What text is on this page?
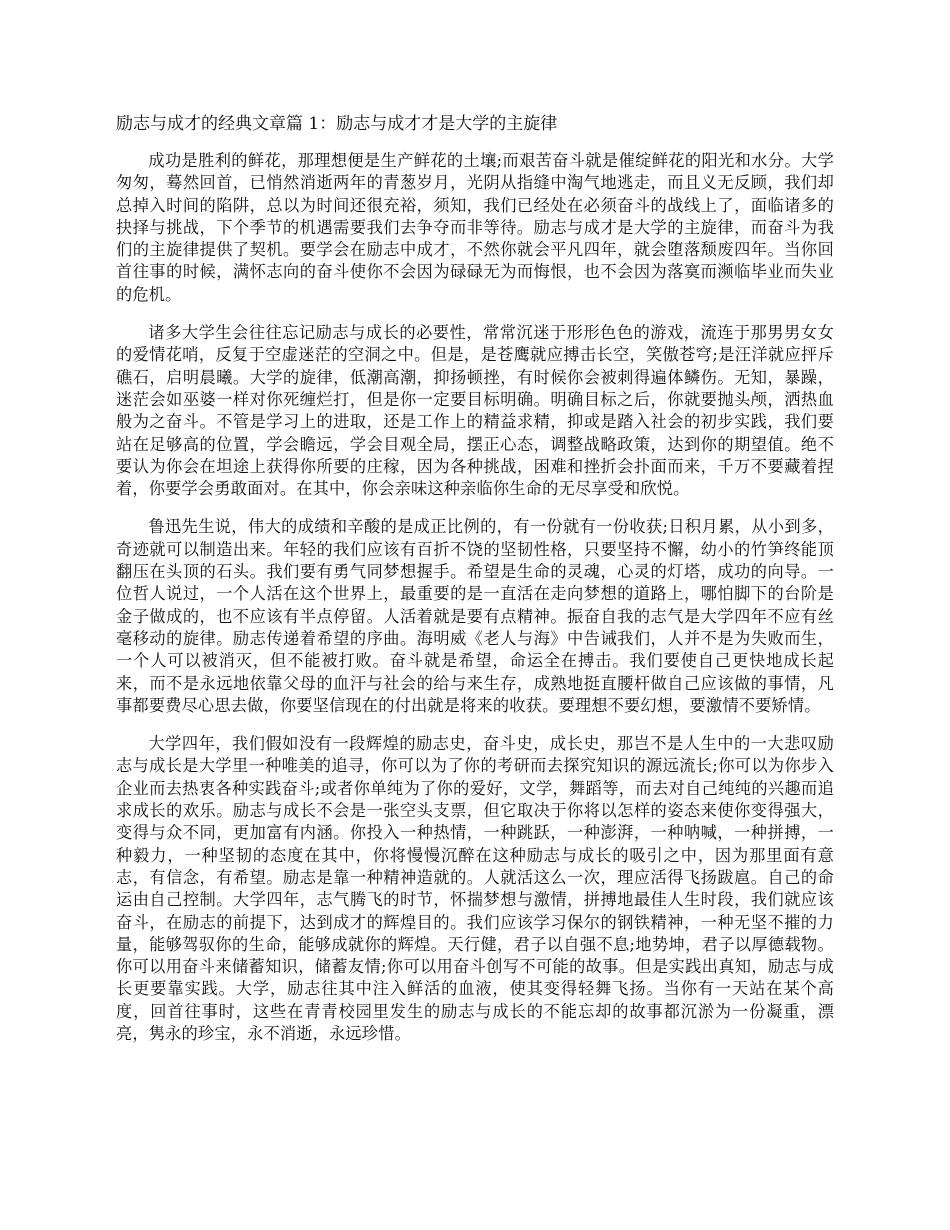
励志与成才的经典文章篇 1：励志与成才才是大学的主旋律

成功是胜利的鲜花，那理想便是生产鲜花的土壤;而艰苦奋斗就是催绽鲜花的阳光和水分。大学匆匆，蓦然回首，已悄然消逝两年的青葱岁月，光阴从指缝中淘气地逃走，而且义无反顾，我们却总掉入时间的陷阱，总以为时间还很充裕，须知，我们已经处在必须奋斗的战线上了，面临诸多的抉择与挑战，下个季节的机遇需要我们去争夺而非等待。励志与成才是大学的主旋律，而奋斗为我们的主旋律提供了契机。要学会在励志中成才，不然你就会平凡四年，就会堕落颓废四年。当你回首往事的时候，满怀志向的奋斗使你不会因为碌碌无为而悔恨，也不会因为落寞而濒临毕业而失业的危机。

诸多大学生会往往忘记励志与成长的必要性，常常沉迷于形形色色的游戏，流连于那男男女女的爱情花哨，反复于空虚迷茫的空洞之中。但是，是苍鹰就应搏击长空，笑傲苍穹;是汪洋就应抨斥礁石，启明晨曦。大学的旋律，低潮高潮，抑扬顿挫，有时候你会被刺得遍体鳞伤。无知，暴躁，迷茫会如巫婆一样对你死缠烂打，但是你一定要目标明确。明确目标之后，你就要抛头颅，洒热血般为之奋斗。不管是学习上的进取，还是工作上的精益求精，抑或是踏入社会的初步实践，我们要站在足够高的位置，学会瞻远，学会目观全局，摆正心态，调整战略政策，达到你的期望值。绝不要认为你会在坦途上获得你所要的庄稼，因为各种挑战，困难和挫折会扑面而来，千万不要藏着捏着，你要学会勇敢面对。在其中，你会亲味这种亲临你生命的无尽享受和欣悦。

鲁迅先生说，伟大的成绩和辛酸的是成正比例的，有一份就有一份收获;日积月累，从小到多，奇迹就可以制造出来。年轻的我们应该有百折不饶的坚韧性格，只要坚持不懈，幼小的竹笋终能顶翻压在头顶的石头。我们要有勇气同梦想握手。希望是生命的灵魂，心灵的灯塔，成功的向导。一位哲人说过，一个人活在这个世界上，最重要的是一直活在走向梦想的道路上，哪怕脚下的台阶是金子做成的，也不应该有半点停留。人活着就是要有点精神。振奋自我的志气是大学四年不应有丝毫移动的旋律。励志传递着希望的序曲。海明威《老人与海》中告诫我们，人并不是为失败而生，一个人可以被消灭，但不能被打败。奋斗就是希望，命运全在搏击。我们要使自己更快地成长起来，而不是永远地依靠父母的血汗与社会的给与来生存，成熟地挺直腰杆做自己应该做的事情，凡事都要费尽心思去做，你要坚信现在的付出就是将来的收获。要理想不要幻想，要激情不要矫情。

大学四年，我们假如没有一段辉煌的励志史，奋斗史，成长史，那岂不是人生中的一大悲叹励志与成长是大学里一种唯美的追寻，你可以为了你的考研而去探究知识的源远流长;你可以为你步入企业而去热衷各种实践奋斗;或者你单纯为了你的爱好，文学，舞蹈等，而去对自己纯纯的兴趣而追求成长的欢乐。励志与成长不会是一张空头支票，但它取决于你将以怎样的姿态来使你变得强大，变得与众不同，更加富有内涵。你投入一种热情，一种跳跃，一种澎湃，一种呐喊，一种拼搏，一种毅力，一种坚韧的态度在其中，你将慢慢沉醉在这种励志与成长的吸引之中，因为那里面有意志，有信念，有希望。励志是靠一种精神造就的。人就活这么一次，理应活得飞扬跋扈。自己的命运由自己控制。大学四年，志气腾飞的时节，怀揣梦想与激情，拼搏地最佳人生时段，我们就应该奋斗，在励志的前提下，达到成才的辉煌目的。我们应该学习保尔的钢铁精神，一种无坚不摧的力量，能够驾驭你的生命，能够成就你的辉煌。天行健，君子以自强不息;地势坤，君子以厚德载物。你可以用奋斗来储蓄知识，储蓄友情;你可以用奋斗创写不可能的故事。但是实践出真知，励志与成长更要靠实践。大学，励志往其中注入鲜活的血液，使其变得轻舞飞扬。当你有一天站在某个高度，回首往事时，这些在青青校园里发生的励志与成长的不能忘却的故事都沉淤为一份凝重，漂亮，隽永的珍宝，永不消逝，永远珍惜。
